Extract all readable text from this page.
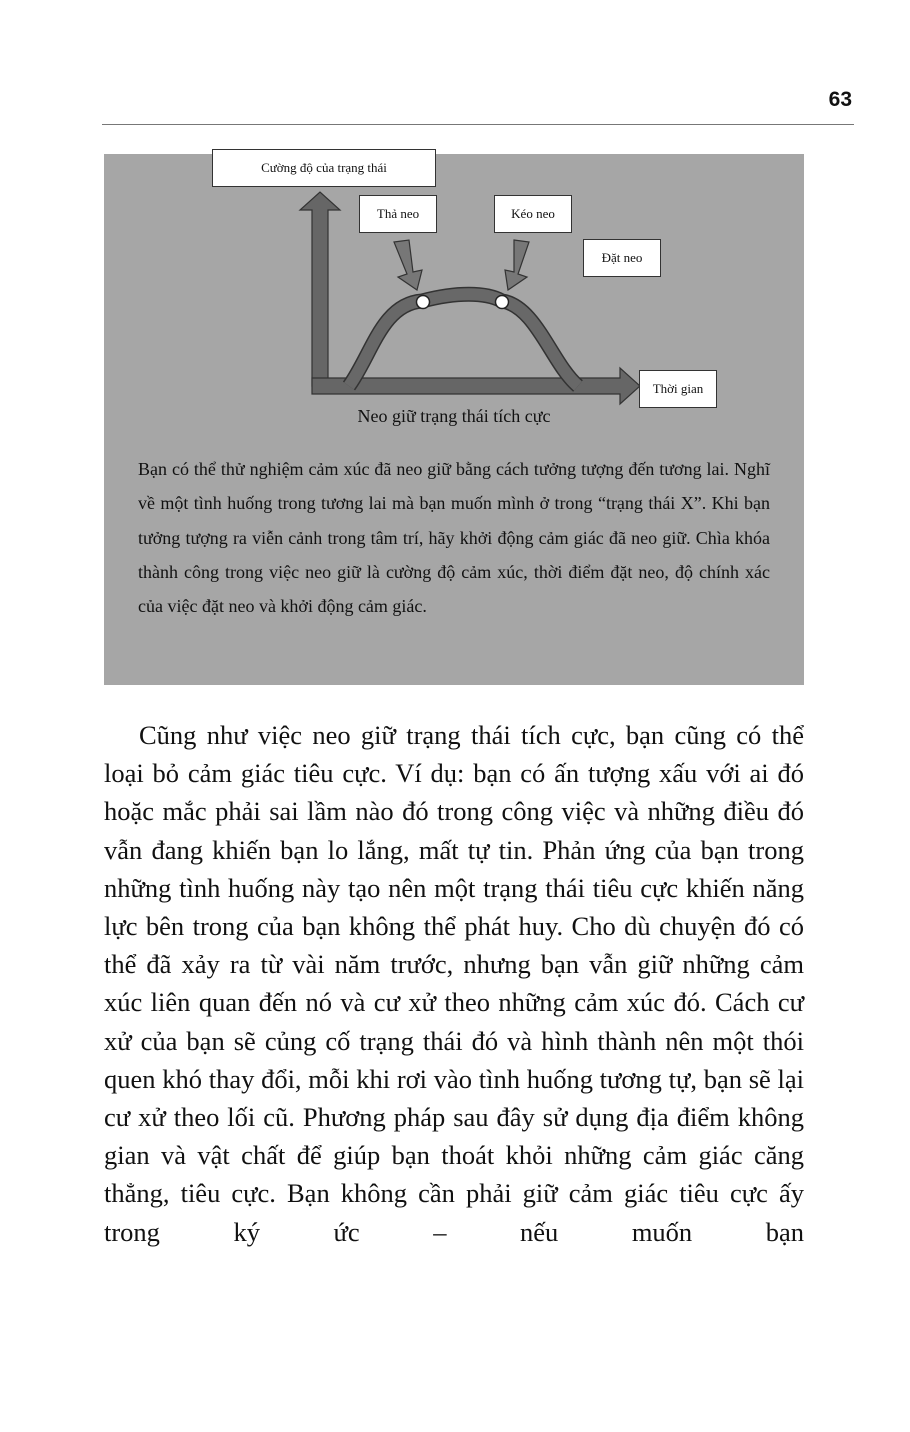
63
Cường độ của trạng thái
Thả neo	Kéo neo
Đặt neo
Thời gian
Neo giữ trạng thái tích cực
Bạn có thể thử nghiệm cảm xúc đã neo giữ bằng cách tưởng tượng đến tương lai. Nghĩ về một tình huống trong tương lai mà bạn muốn mình ở trong “trạng thái X”. Khi bạn tưởng tượng ra viễn cảnh trong tâm trí, hãy khởi động cảm giác đã neo giữ. Chìa khóa thành công trong việc neo giữ là cường độ cảm xúc, thời điểm đặt neo, độ chính xác của việc đặt neo và khởi động cảm giác.

Cũng như việc neo giữ trạng thái tích cực, bạn cũng có thể loại bỏ cảm giác tiêu cực. Ví dụ: bạn có ấn tượng xấu với ai đó hoặc mắc phải sai lầm nào đó trong công việc và những điều đó vẫn đang khiến bạn lo lắng, mất tự tin. Phản ứng của bạn trong những tình huống này tạo nên một trạng thái tiêu cực khiến năng lực bên trong của bạn không thể phát huy. Cho dù chuyện đó có thể đã xảy ra từ vài năm trước, nhưng bạn vẫn giữ những cảm xúc liên quan đến nó và cư xử theo những cảm xúc đó. Cách cư xử của bạn sẽ củng cố trạng thái đó và hình thành nên một thói quen khó thay đổi, mỗi khi rơi vào tình huống tương tự, bạn sẽ lại cư xử theo lối cũ. Phương pháp sau đây sử dụng địa điểm không gian và vật chất để giúp bạn thoát khỏi những cảm giác căng thẳng, tiêu cực. Bạn không cần phải giữ cảm giác tiêu cực ấy trong ký ức – nếu muốn bạn
